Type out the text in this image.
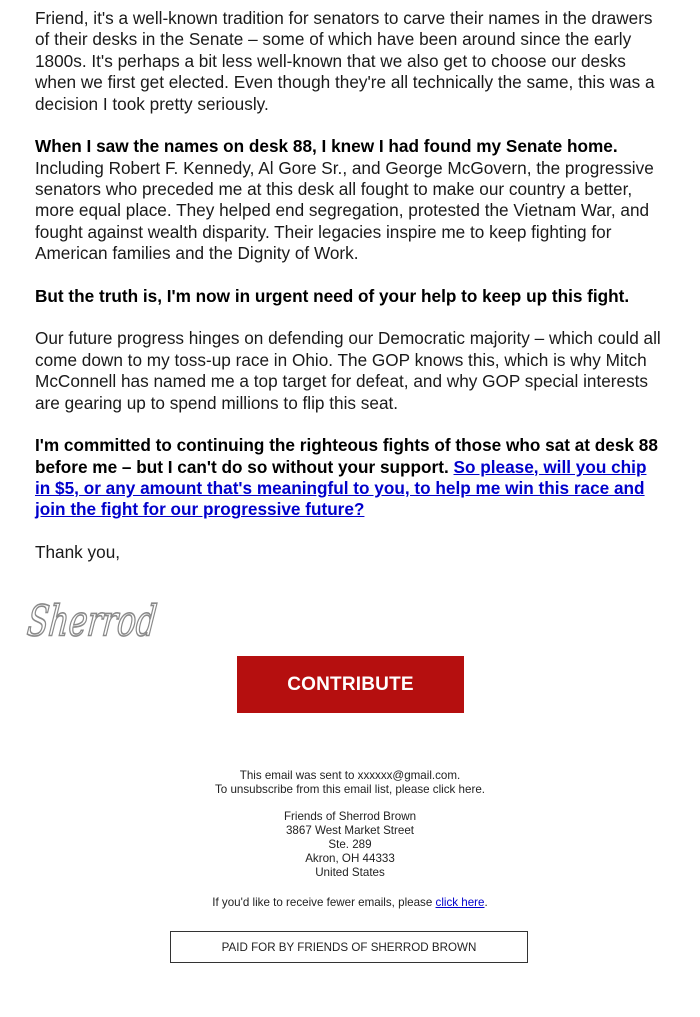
Friend, it's a well-known tradition for senators to carve their names in the drawers of their desks in the Senate – some of which have been around since the early 1800s. It's perhaps a bit less well-known that we also get to choose our desks when we first get elected. Even though they're all technically the same, this was a decision I took pretty seriously.

When I saw the names on desk 88, I knew I had found my Senate home. Including Robert F. Kennedy, Al Gore Sr., and George McGovern, the progressive senators who preceded me at this desk all fought to make our country a better, more equal place. They helped end segregation, protested the Vietnam War, and fought against wealth disparity. Their legacies inspire me to keep fighting for American families and the Dignity of Work.

But the truth is, I'm now in urgent need of your help to keep up this fight.

Our future progress hinges on defending our Democratic majority – which could all come down to my toss-up race in Ohio. The GOP knows this, which is why Mitch McConnell has named me a top target for defeat, and why GOP special interests are gearing up to spend millions to flip this seat.

I'm committed to continuing the righteous fights of those who sat at desk 88 before me – but I can't do so without your support. So please, will you chip in $5, or any amount that's meaningful to you, to help me win this race and join the fight for our progressive future?

Thank you,

Sherrod
CONTRIBUTE

This email was sent to xxxxxx@gmail.com.

To unsubscribe from this email list, please click here.

Friends of Sherrod Brown

3867 West Market Street

Ste. 289

Akron, OH 44333

United States

If you'd like to receive fewer emails, please click here.

PAID FOR BY FRIENDS OF SHERROD BROWN
